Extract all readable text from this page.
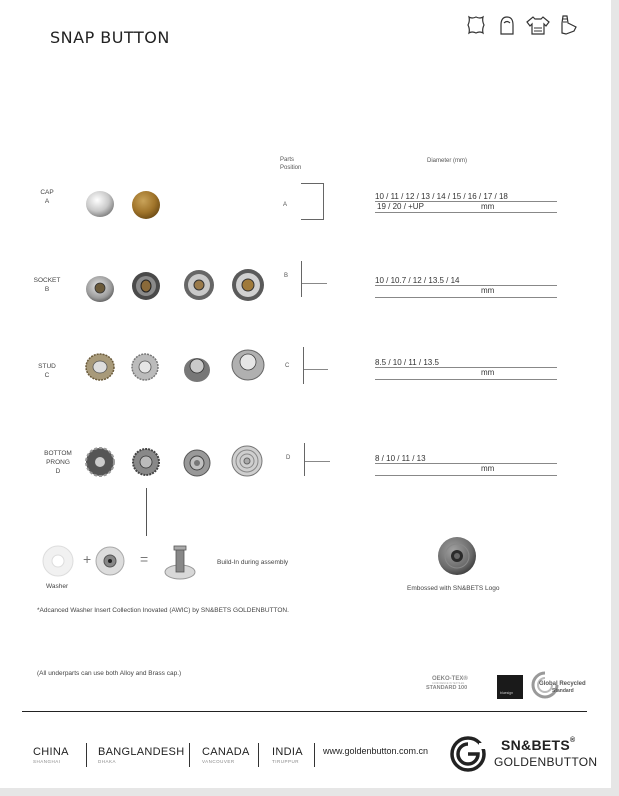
SNAP BUTTON
Parts
Position
Diameter (mm)
CAP
A	A
10 / 11 / 12 / 13 / 14 / 15 / 16 / 17 / 18
19 / 20 / +UP	mm
SOCKET
B
B	10 / 10.7 / 12 / 13.5 / 14
mm
STUD
C
C	8.5 / 10 / 11 / 13.5
mm
BOTTOM
PRONG
D
D	8 / 10 / 11 / 13
mm
+	=
Washer
Build-In during assembly
Embossed with SN&BETS Logo
*Adcanced Washer Insert Collection Inovated (AWIC) by SN&BETS GOLDENBUTTON.
(All underparts can use both Alloy and Brass cap.)
OEKO-TEX®
CONFIDENCE IN TEXTILES
STANDARD 100
bluesign
Global Recycled
Standard
CHINA
SHANGHAI
BANGLANDESH
DHAKA
CANADA
VANCOUVER
INDIA
TIRUPPUR
www.goldenbutton.com.cn	SN&BETS®
GOLDENBUTTON
